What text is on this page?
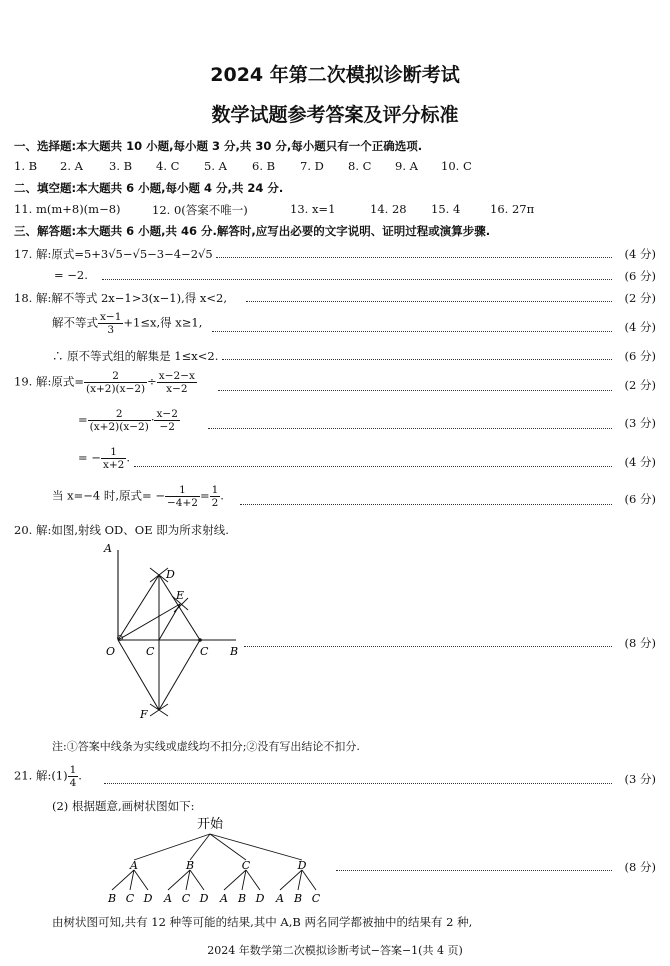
2024 年第二次模拟诊断考试
数学试题参考答案及评分标准
一、选择题:本大题共 10 小题,每小题 3 分,共 30 分,每小题只有一个正确选项.
1. B 2. A 3. B 4. C 5. A 6. B 7. D 8. C 9. A 10. C
二、填空题:本大题共 6 小题,每小题 4 分,共 24 分.
11. m(m+8)(m−8)	12. 0(答案不唯一)	13. x=1	14. 28 15. 4	16. 27π
三、解答题:本大题共 6 小题,共 46 分.解答时,应写出必要的文字说明、证明过程或演算步骤.
17. 解:原式=5+3√5−√5−3−4−2√5	(4 分)
= −2.	(6 分)
18. 解:解不等式 2x−1>3(x−1),得 x<2,	(2 分)
解不等式 $\frac{x-1}{3} +1\le x$,得 x≥1,	(4 分)
∴ 原不等式组的解集是 1≤x<2.	(6 分)
19. 解:原式= $\frac{2}{(x+2)(x-2)} \div \frac{x-2-x}{x-2}$	(2 分)
= $\frac{2}{(x+2)(x-2)} \cdot \frac{x-2}{-2}$	(3 分)
= − $\frac{1}{x+2}$ .	(4 分)
当 x=−4 时,原式= − $\frac{1}{-4+2} = \frac{1}{2}$ .	(6 分)
20. 解:如图,射线 OD、OE 即为所求射线.
A
D
E
O	C	C B
F
(8 分)
注:①答案中线条为实线或虚线均不扣分;②没有写出结论不扣分.
21. 解:(1) $\frac{1}{4}$ .	(3 分)
(2) 根据题意,画树状图如下:
开始
A	B	C	D
B C D A C D A B D A B C
(8 分)
由树状图可知,共有 12 种等可能的结果,其中 A,B 两名同学都被抽中的结果有 2 种,
2024 年数学第二次模拟诊断考试−答案−1(共 4 页)
